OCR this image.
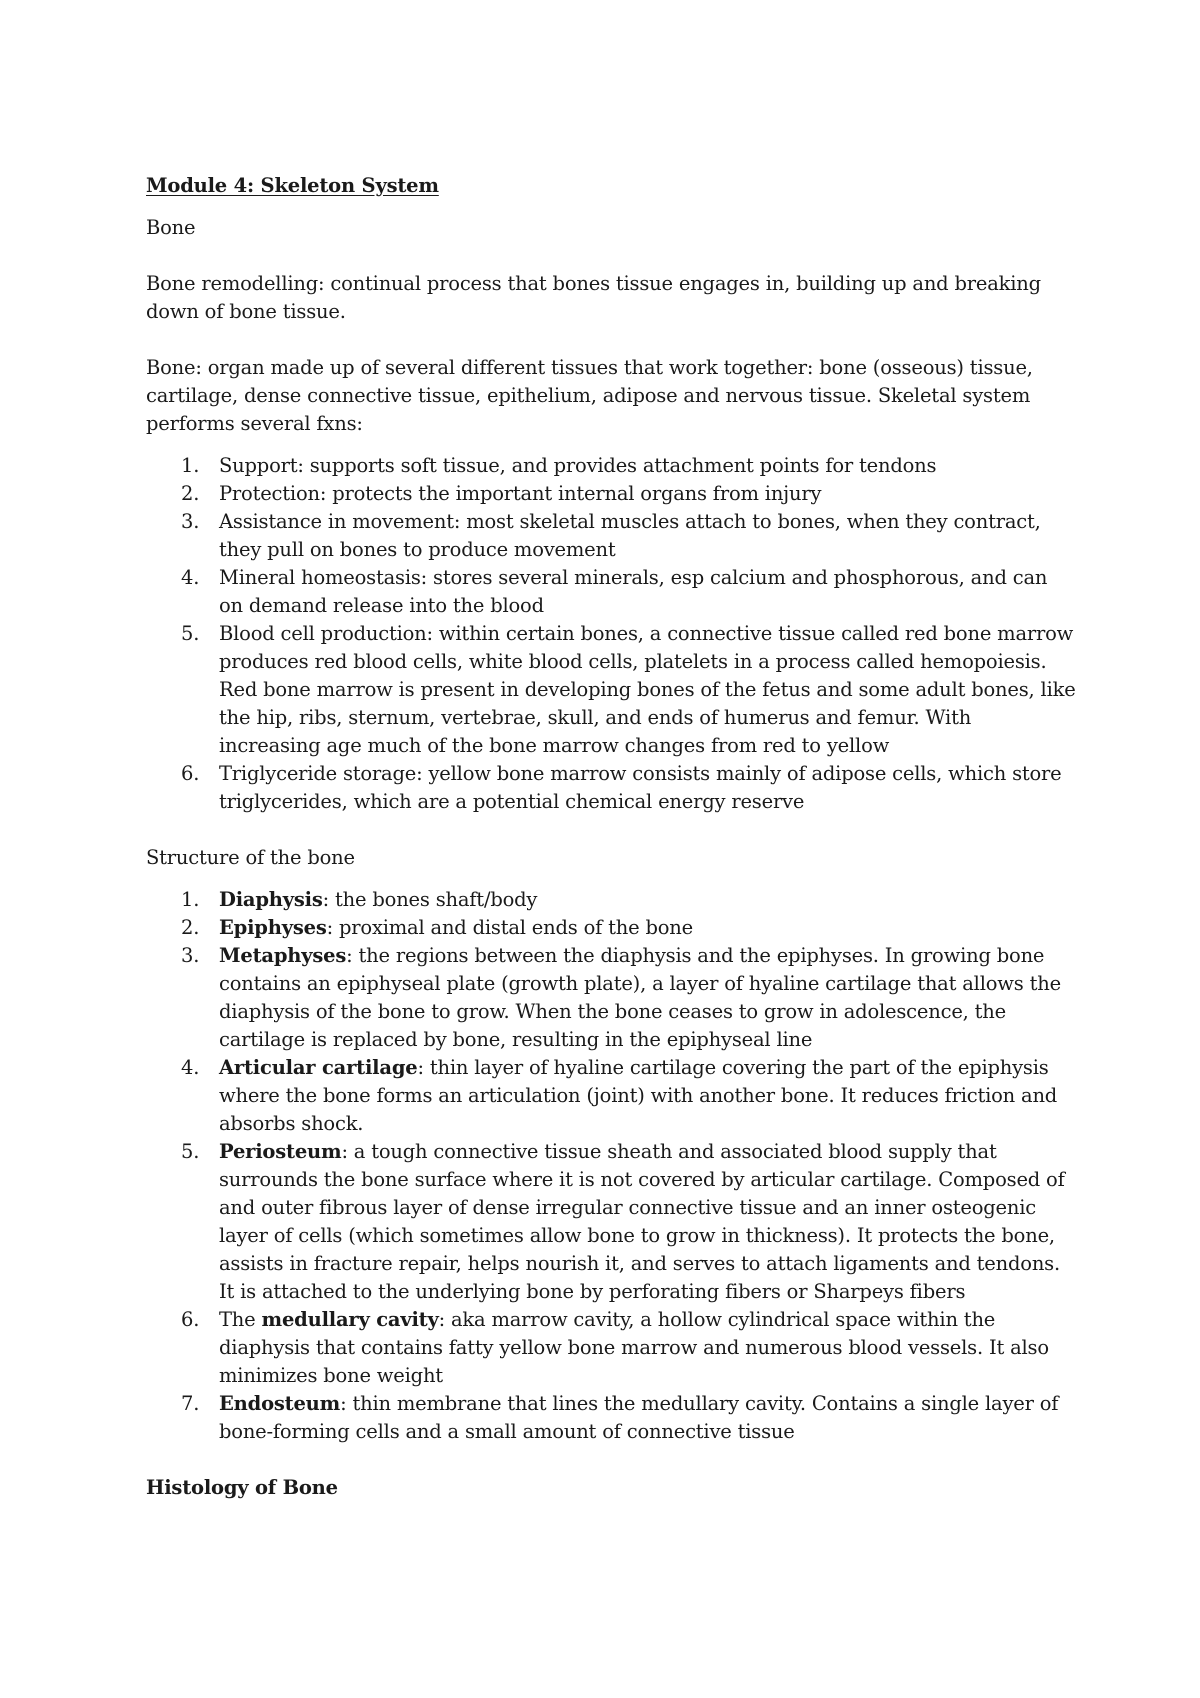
Module 4: Skeleton System
Bone

Bone remodelling: continual process that bones tissue engages in, building up and breaking down of bone tissue.

Bone: organ made up of several different tissues that work together: bone (osseous) tissue, cartilage, dense connective tissue, epithelium, adipose and nervous tissue. Skeletal system performs several fxns:

1.	Support: supports soft tissue, and provides attachment points for tendons
2.	Protection: protects the important internal organs from injury
3.	Assistance in movement: most skeletal muscles attach to bones, when they contract, they pull on bones to produce movement
4.	Mineral homeostasis: stores several minerals, esp calcium and phosphorous, and can on demand release into the blood
5.	Blood cell production: within certain bones, a connective tissue called red bone marrow produces red blood cells, white blood cells, platelets in a process called hemopoiesis. Red bone marrow is present in developing bones of the fetus and some adult bones, like the hip, ribs, sternum, vertebrae, skull, and ends of humerus and femur. With increasing age much of the bone marrow changes from red to yellow
6.	Triglyceride storage: yellow bone marrow consists mainly of adipose cells, which store triglycerides, which are a potential chemical energy reserve
Structure of the bone
1.	Diaphysis: the bones shaft/body
2.	Epiphyses: proximal and distal ends of the bone
3.	Metaphyses: the regions between the diaphysis and the epiphyses. In growing bone contains an epiphyseal plate (growth plate), a layer of hyaline cartilage that allows the diaphysis of the bone to grow. When the bone ceases to grow in adolescence, the cartilage is replaced by bone, resulting in the epiphyseal line
4.	Articular cartilage: thin layer of hyaline cartilage covering the part of the epiphysis where the bone forms an articulation (joint) with another bone. It reduces friction and absorbs shock.
5.	Periosteum: a tough connective tissue sheath and associated blood supply that surrounds the bone surface where it is not covered by articular cartilage. Composed of and outer fibrous layer of dense irregular connective tissue and an inner osteogenic layer of cells (which sometimes allow bone to grow in thickness). It protects the bone, assists in fracture repair, helps nourish it, and serves to attach ligaments and tendons. It is attached to the underlying bone by perforating fibers or Sharpeys fibers
6.	The medullary cavity: aka marrow cavity, a hollow cylindrical space within the diaphysis that contains fatty yellow bone marrow and numerous blood vessels. It also minimizes bone weight
7.	Endosteum: thin membrane that lines the medullary cavity. Contains a single layer of bone-forming cells and a small amount of connective tissue
Histology of Bone
